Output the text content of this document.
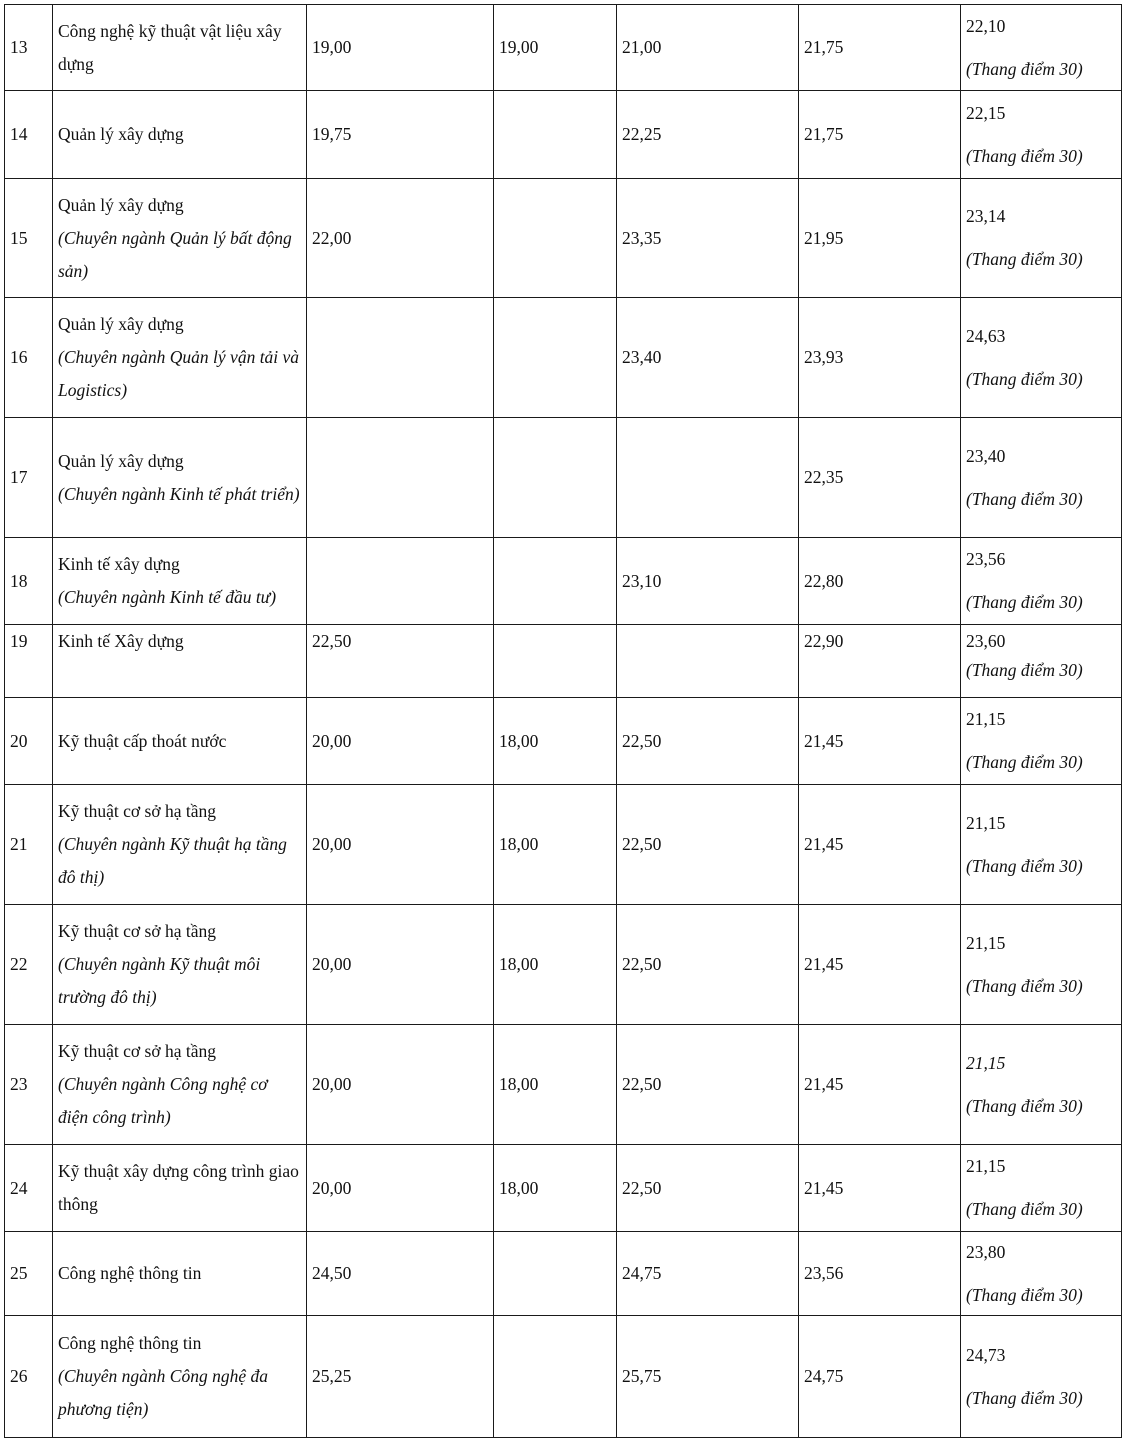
13	Công nghệ kỹ thuật vật liệu xây dựng	19,00	19,00	21,00	21,75	22,10
(Thang điểm 30)

14	Quản lý xây dựng	19,75		22,25	21,75	22,15
(Thang điểm 30)

15	Quản lý xây dựng
(Chuyên ngành Quản lý bất động sản)	22,00		23,35	21,95	23,14
(Thang điểm 30)

16	Quản lý xây dựng
(Chuyên ngành Quản lý vận tải và Logistics)			23,40	23,93	24,63
(Thang điểm 30)

17	Quản lý xây dựng
(Chuyên ngành Kinh tế phát triển)				22,35	23,40
(Thang điểm 30)

18	Kinh tế xây dựng
(Chuyên ngành Kinh tế đầu tư)			23,10	22,80	23,56
(Thang điểm 30)

19	Kinh tế Xây dựng	22,50			22,90	23,60
(Thang điểm 30)

20	Kỹ thuật cấp thoát nước	20,00	18,00	22,50	21,45	21,15
(Thang điểm 30)

21	Kỹ thuật cơ sở hạ tầng
(Chuyên ngành Kỹ thuật hạ tầng đô thị)	20,00	18,00	22,50	21,45	21,15
(Thang điểm 30)

22	Kỹ thuật cơ sở hạ tầng
(Chuyên ngành Kỹ thuật môi trường đô thị)	20,00	18,00	22,50	21,45	21,15
(Thang điểm 30)

23	Kỹ thuật cơ sở hạ tầng
(Chuyên ngành Công nghệ cơ điện công trình)	20,00	18,00	22,50	21,45	21,15
(Thang điểm 30)

24	Kỹ thuật xây dựng công trình giao thông	20,00	18,00	22,50	21,45	21,15
(Thang điểm 30)

25	Công nghệ thông tin	24,50		24,75	23,56	23,80
(Thang điểm 30)

26	Công nghệ thông tin
(Chuyên ngành Công nghệ đa phương tiện)	25,25		25,75	24,75	24,73
(Thang điểm 30)
